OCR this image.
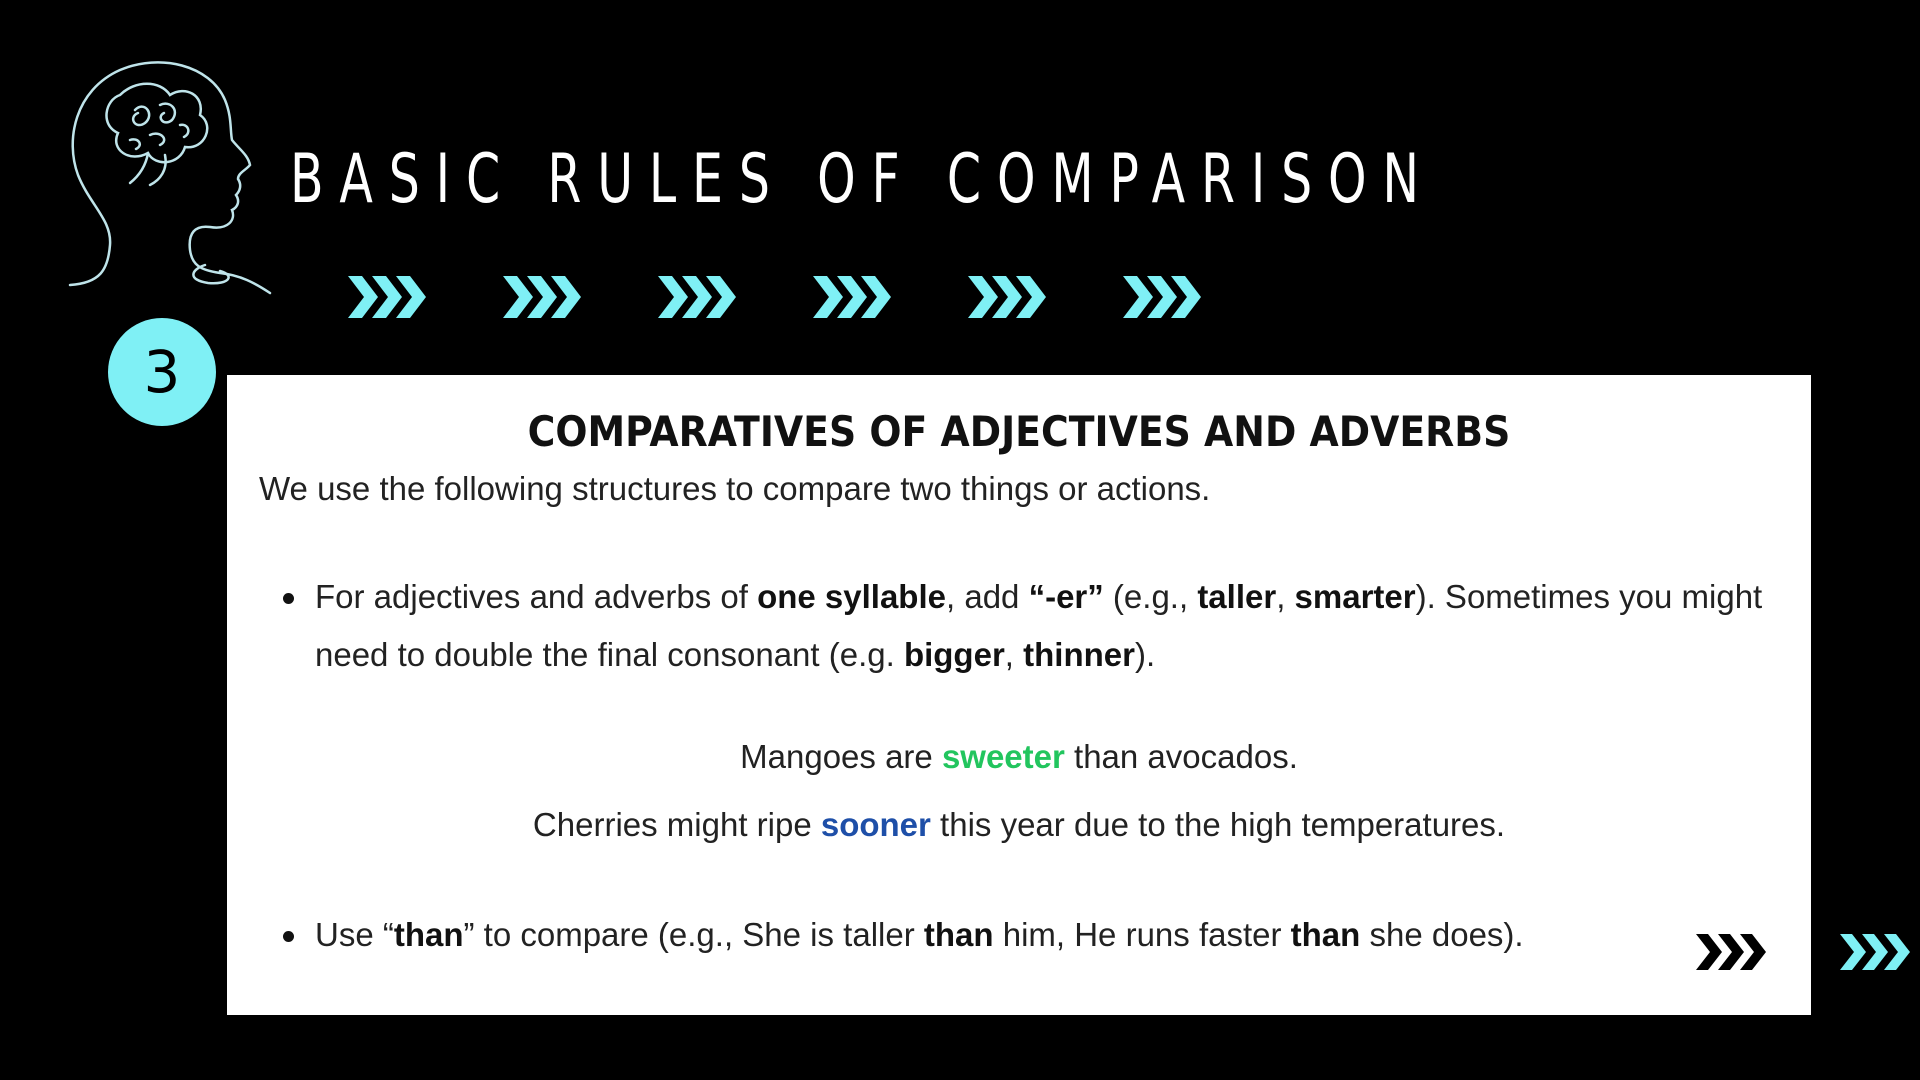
BASIC RULES OF COMPARISON
3
COMPARATIVES OF ADJECTIVES AND ADVERBS
We use the following structures to compare two things or actions.
For adjectives and adverbs of one syllable, add “-er” (e.g., taller, smarter). Sometimes you might need to double the final consonant (e.g. bigger, thinner).
Mangoes are sweeter than avocados.
Cherries might ripe sooner this year due to the high temperatures.
Use “than” to compare (e.g., She is taller than him, He runs faster than she does).
